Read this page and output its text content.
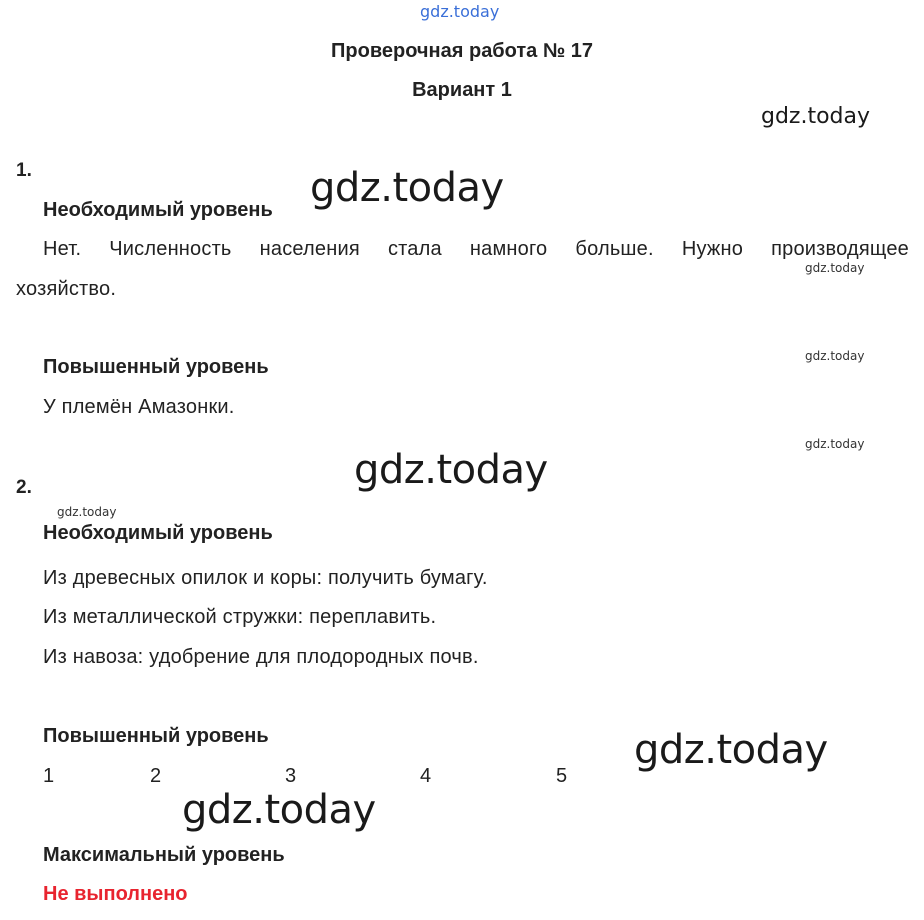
gdz.today
Проверочная работа № 17
Вариант 1
gdz.today
1.	gdz.today
Необходимый уровень
Нет. Численность населения стала намного больше. Нужно производящее
gdz.today
хозяйство.
gdz.today
Повышенный уровень
У племён Амазонки.
gdz.today
gdz.today
2.
gdz.today
Необходимый уровень
Из древесных опилок и коры: получить бумагу.
Из металлической стружки: переплавить.
Из навоза: удобрение для плодородных почв.
Повышенный уровень	gdz.today
1	2	3	4	5
gdz.today
Максимальный уровень
Не выполнено
